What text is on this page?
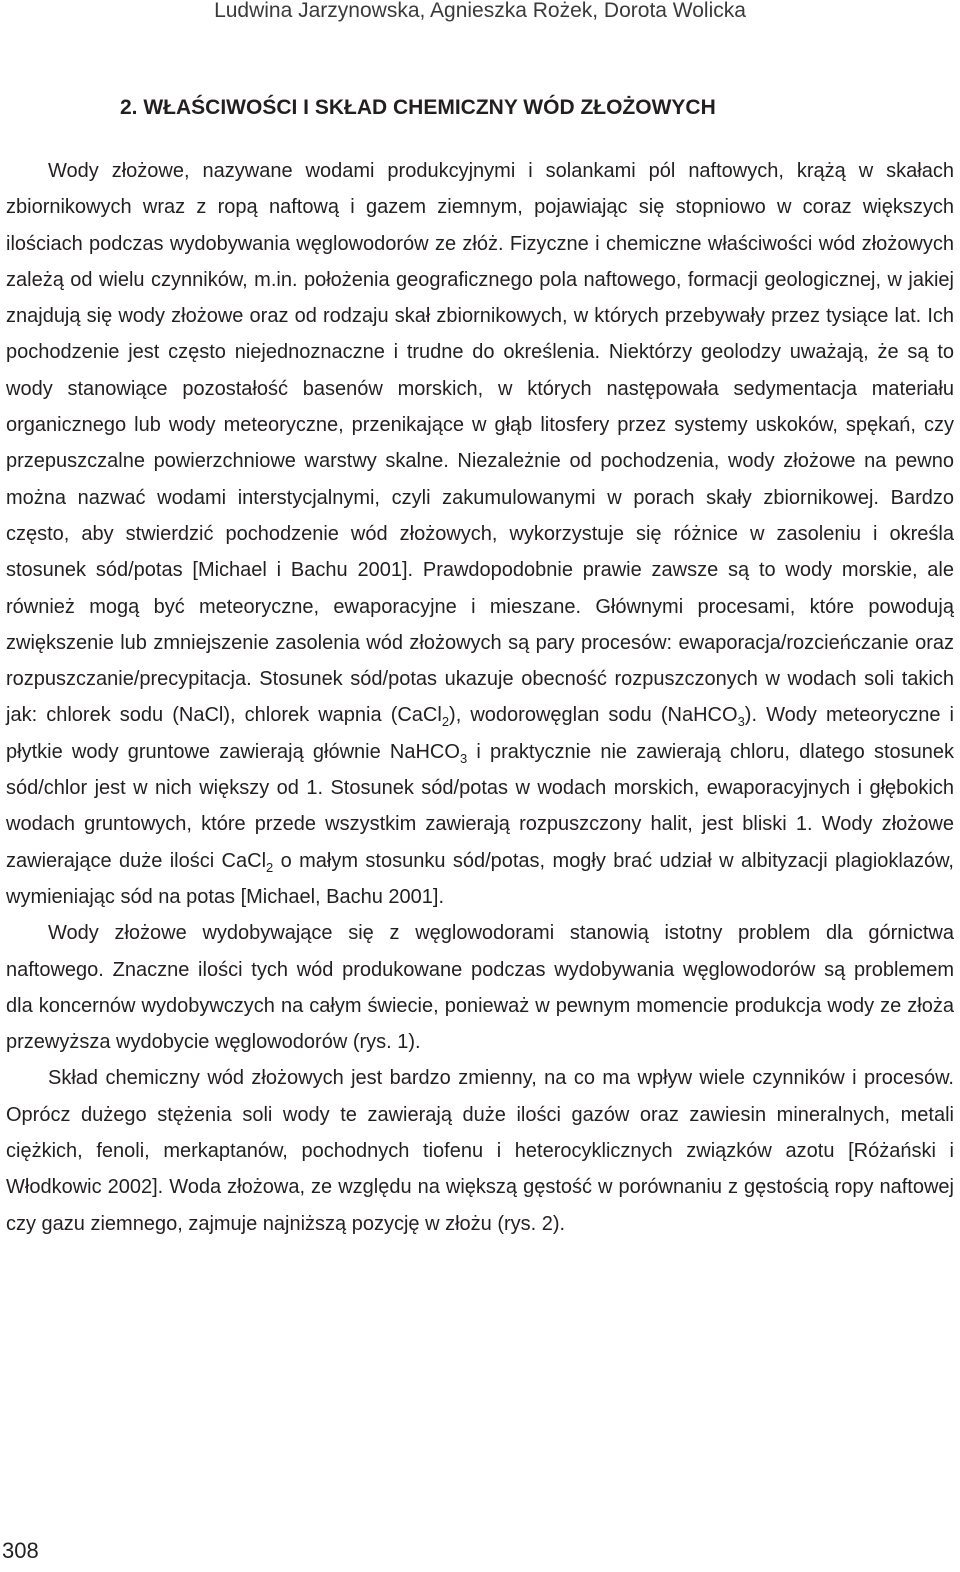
Ludwina Jarzynowska, Agnieszka Rożek, Dorota Wolicka
2. WŁAŚCIWOŚCI I SKŁAD CHEMICZNY WÓD ZŁOŻOWYCH

Wody złożowe, nazywane wodami produkcyjnymi i solankami pól naftowych, krążą w skałach zbiornikowych wraz z ropą naftową i gazem ziemnym, pojawiając się stopniowo w coraz większych ilościach podczas wydobywania węglowodorów ze złóż. Fizyczne i chemiczne właściwości wód złożowych zależą od wielu czynników, m.in. położenia geograficznego pola naftowego, formacji geologicznej, w jakiej znajdują się wody złożowe oraz od rodzaju skał zbiornikowych, w których przebywały przez tysiące lat. Ich pochodzenie jest często niejednoznaczne i trudne do określenia. Niektórzy geolodzy uważają, że są to wody stanowiące pozostałość basenów morskich, w których następowała sedymentacja materiału organicznego lub wody meteoryczne, przenikające w głąb litosfery przez systemy uskoków, spękań, czy przepuszczalne powierzchniowe warstwy skalne. Niezależnie od pochodzenia, wody złożowe na pewno można nazwać wodami interstycjalnymi, czyli zakumulowanymi w porach skały zbiornikowej. Bardzo często, aby stwierdzić pochodzenie wód złożowych, wykorzystuje się różnice w zasoleniu i określa stosunek sód/potas [Michael i Bachu 2001]. Prawdopodobnie prawie zawsze są to wody morskie, ale również mogą być meteoryczne, ewaporacyjne i mieszane. Głównymi procesami, które powodują zwiększenie lub zmniejszenie zasolenia wód złożowych są pary procesów: ewaporacja/rozcieńczanie oraz rozpuszczanie/precypitacja. Stosunek sód/potas ukazuje obecność rozpuszczonych w wodach soli takich jak: chlorek sodu (NaCl), chlorek wapnia (CaCl$_2$), wodorowęglan sodu (NaHCO$_3$). Wody meteoryczne i płytkie wody gruntowe zawierają głównie NaHCO$_3$ i praktycznie nie zawierają chloru, dlatego stosunek sód/chlor jest w nich większy od 1. Stosunek sód/potas w wodach morskich, ewaporacyjnych i głębokich wodach gruntowych, które przede wszystkim zawierają rozpuszczony halit, jest bliski 1. Wody złożowe zawierające duże ilości CaCl$_2$ o małym stosunku sód/potas, mogły brać udział w albityzacji plagioklazów, wymieniając sód na potas [Michael, Bachu 2001].

Wody złożowe wydobywające się z węglowodorami stanowią istotny problem dla górnictwa naftowego. Znaczne ilości tych wód produkowane podczas wydobywania węglowodorów są problemem dla koncernów wydobywczych na całym świecie, ponieważ w pewnym momencie produkcja wody ze złoża przewyższa wydobycie węglowodorów (rys. 1).

Skład chemiczny wód złożowych jest bardzo zmienny, na co ma wpływ wiele czynników i procesów. Oprócz dużego stężenia soli wody te zawierają duże ilości gazów oraz zawiesin mineralnych, metali ciężkich, fenoli, merkaptanów, pochodnych tiofenu i heterocyklicznych związków azotu [Różański i Włodkowic 2002]. Woda złożowa, ze względu na większą gęstość w porównaniu z gęstością ropy naftowej czy gazu ziemnego, zajmuje najniższą pozycję w złożu (rys. 2).

308
